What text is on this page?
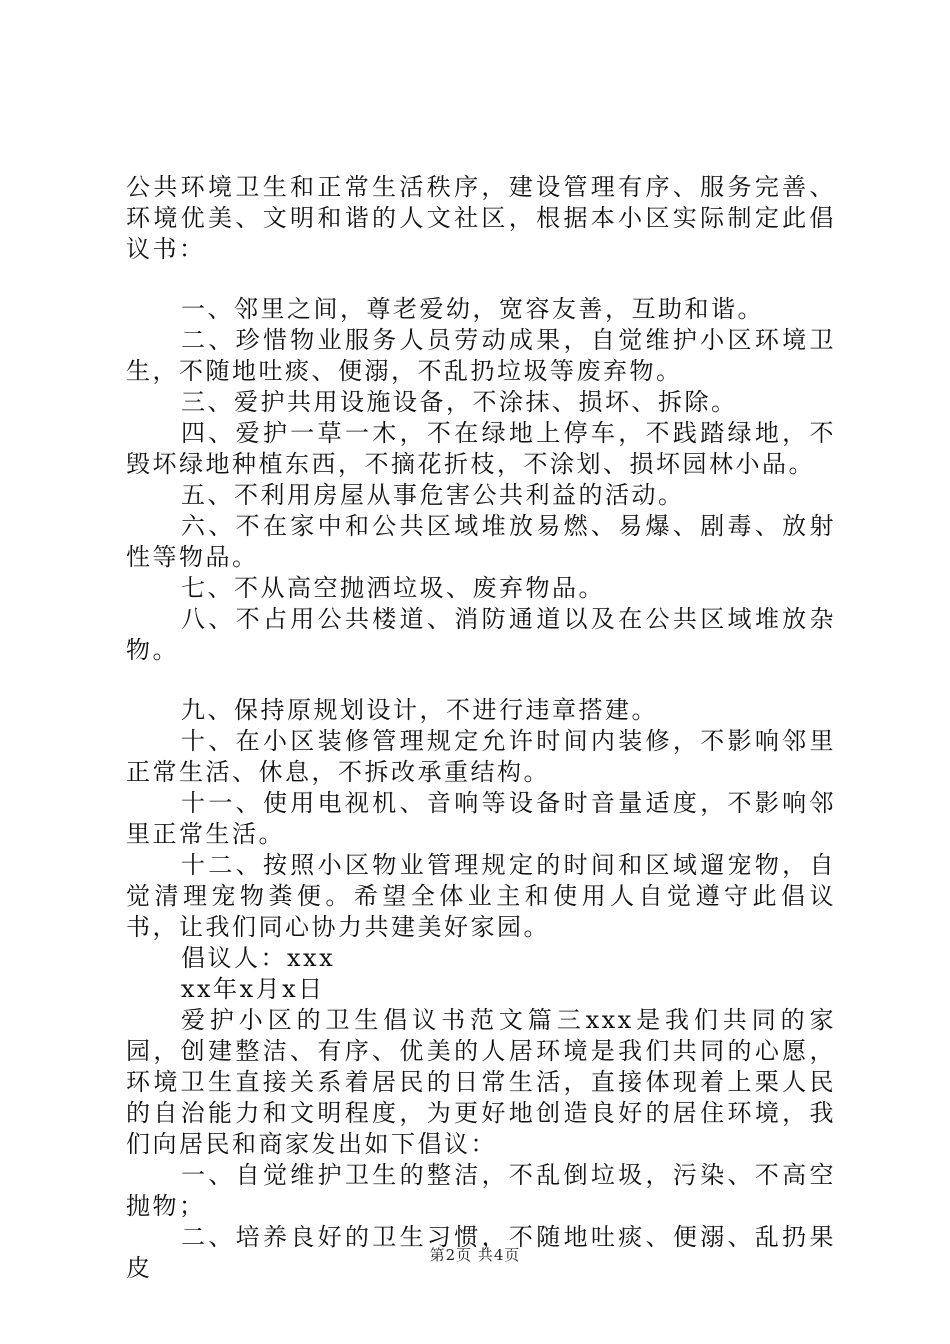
公共环境卫生和正常生活秩序，建设管理有序、服务完善、环境优美、文明和谐的人文社区，根据本小区实际制定此倡议书：

一、邻里之间，尊老爱幼，宽容友善，互助和谐。

二、珍惜物业服务人员劳动成果，自觉维护小区环境卫生，不随地吐痰、便溺，不乱扔垃圾等废弃物。

三、爱护共用设施设备，不涂抹、损坏、拆除。

四、爱护一草一木，不在绿地上停车，不践踏绿地，不毁坏绿地种植东西，不摘花折枝，不涂划、损坏园林小品。

五、不利用房屋从事危害公共利益的活动。

六、不在家中和公共区域堆放易燃、易爆、剧毒、放射性等物品。

七、不从高空抛洒垃圾、废弃物品。

八、不占用公共楼道、消防通道以及在公共区域堆放杂物。

九、保持原规划设计，不进行违章搭建。

十、在小区装修管理规定允许时间内装修，不影响邻里正常生活、休息，不拆改承重结构。

十一、使用电视机、音响等设备时音量适度，不影响邻里正常生活。

十二、按照小区物业管理规定的时间和区域遛宠物，自觉清理宠物粪便。希望全体业主和使用人自觉遵守此倡议书，让我们同心协力共建美好家园。

倡议人：xxx

xx年x月x日

爱护小区的卫生倡议书范文篇三xxx是我们共同的家园，创建整洁、有序、优美的人居环境是我们共同的心愿，环境卫生直接关系着居民的日常生活，直接体现着上栗人民的自治能力和文明程度，为更好地创造良好的居住环境，我们向居民和商家发出如下倡议：

一、自觉维护卫生的整洁，不乱倒垃圾，污染、不高空抛物；

二、培养良好的卫生习惯，不随地吐痰、便溺、乱扔果皮	第2页 共4页
